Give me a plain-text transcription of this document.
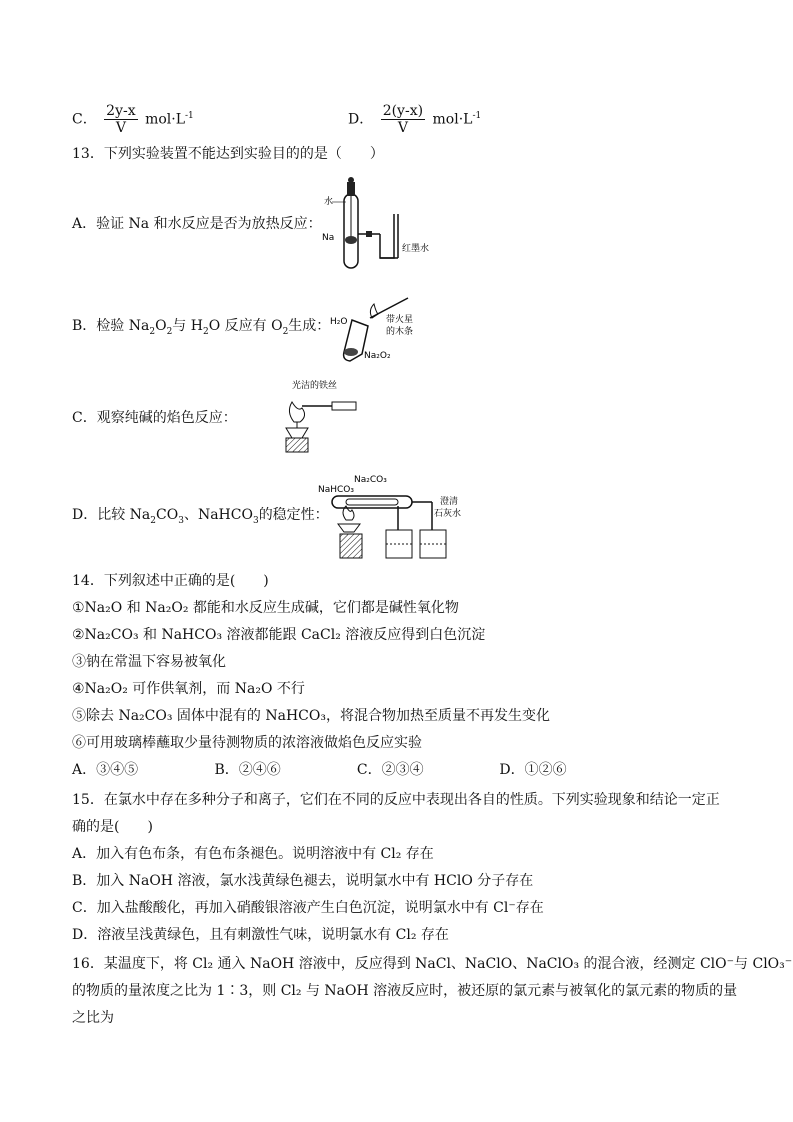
C． $\frac{2y-x}{V} mol\cdot L^{-1}$	D． $\frac{2(y-x)}{V} mol\cdot L^{-1}$
13．下列实验装置不能达到实验目的的是（　　）
A．验证 Na 和水反应是否为放热反应：
水
Na
红墨水
B．检验 $Na_2O_2$与 $H_2O$ 反应有 $O_2$生成： H₂O	带火星
的木条
Na₂O₂
C．观察纯碱的焰色反应：
光洁的铁丝
D．比较 $Na_2CO_3$、NaHCO$_3$的稳定性：
Na₂CO₃
NaHCO₃
澄清
石灰水
14．下列叙述中正确的是(　　)
①Na₂O 和 Na₂O₂ 都能和水反应生成碱，它们都是碱性氧化物
②Na₂CO₃ 和 NaHCO₃ 溶液都能跟 CaCl₂ 溶液反应得到白色沉淀
③钠在常温下容易被氧化
④Na₂O₂ 可作供氧剂，而 Na₂O 不行
⑤除去 Na₂CO₃ 固体中混有的 NaHCO₃，将混合物加热至质量不再发生变化
⑥可用玻璃棒蘸取少量待测物质的浓溶液做焰色反应实验
A．③④⑤	B．②④⑥	C．②③④	D．①②⑥
15．在氯水中存在多种分子和离子，它们在不同的反应中表现出各自的性质。下列实验现象和结论一定正
确的是(　　)
A．加入有色布条，有色布条褪色。说明溶液中有 Cl₂ 存在
B．加入 NaOH 溶液，氯水浅黄绿色褪去，说明氯水中有 HClO 分子存在
C．加入盐酸酸化，再加入硝酸银溶液产生白色沉淀，说明氯水中有 Cl⁻存在
D．溶液呈浅黄绿色，且有刺激性气味，说明氯水有 Cl₂ 存在
16．某温度下，将 Cl₂ 通入 NaOH 溶液中，反应得到 NaCl、NaClO、NaClO₃ 的混合液，经测定 ClO⁻与 ClO₃⁻
的物质的量浓度之比为 1∶3，则 Cl₂ 与 NaOH 溶液反应时，被还原的氯元素与被氧化的氯元素的物质的量
之比为
